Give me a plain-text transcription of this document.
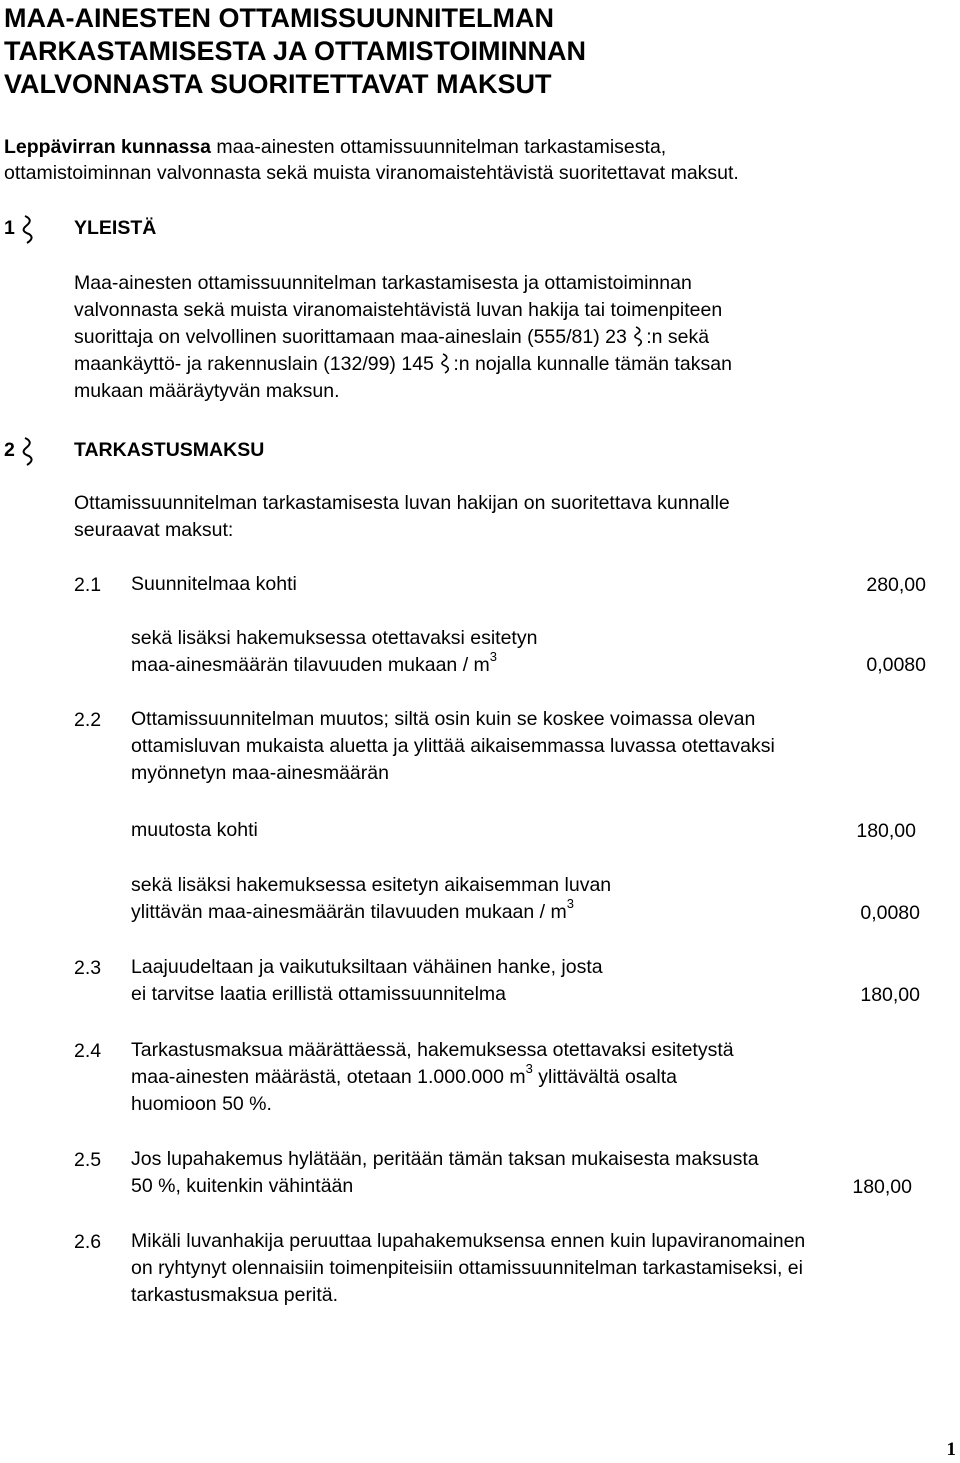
MAA-AINESTEN OTTAMISSUUNNITELMAN
TARKASTAMISESTA JA OTTAMISTOIMINNAN
VALVONNASTA SUORITETTAVAT MAKSUT
Leppävirran kunnassa maa-ainesten ottamissuunnitelman tarkastamisesta,
ottamistoiminnan valvonnasta sekä muista viranomaistehtävistä suoritettavat maksut.
1	YLEISTÄ
Maa-ainesten ottamissuunnitelman tarkastamisesta ja ottamistoiminnan
valvonnasta sekä muista viranomaistehtävistä luvan hakija tai toimenpiteen
suorittaja on velvollinen suorittamaan maa-aineslain (555/81) 23 :n sekä
maankäyttö- ja rakennuslain (132/99) 145 :n nojalla kunnalle tämän taksan
mukaan määräytyvän maksun.
2	TARKASTUSMAKSU
Ottamissuunnitelman tarkastamisesta luvan hakijan on suoritettava kunnalle
seuraavat maksut:
2.1 Suunnitelmaa kohti	280,00
sekä lisäksi hakemuksessa otettavaksi esitetyn
maa-ainesmäärän tilavuuden mukaan / $m^3$	0,0080
2.2 Ottamissuunnitelman muutos; siltä osin kuin se koskee voimassa olevan
ottamisluvan mukaista aluetta ja ylittää aikaisemmassa luvassa otettavaksi
myönnetyn maa-ainesmäärän
muutosta kohti	180,00
sekä lisäksi hakemuksessa esitetyn aikaisemman luvan
ylittävän maa-ainesmäärän tilavuuden mukaan / $m^3$	0,0080
2.3 Laajuudeltaan ja vaikutuksiltaan vähäinen hanke, josta
ei tarvitse laatia erillistä ottamissuunnitelma	180,00
2.4 Tarkastusmaksua määrättäessä, hakemuksessa otettavaksi esitetystä
maa-ainesten määrästä, otetaan 1.000.000 $m^3$ ylittävältä osalta
huomioon 50 %.
2.5 Jos lupahakemus hylätään, peritään tämän taksan mukaisesta maksusta
50 %, kuitenkin vähintään	180,00
2.6 Mikäli luvanhakija peruuttaa lupahakemuksensa ennen kuin lupaviranomainen
on ryhtynyt olennaisiin toimenpiteisiin ottamissuunnitelman tarkastamiseksi, ei
tarkastusmaksua peritä.
1
